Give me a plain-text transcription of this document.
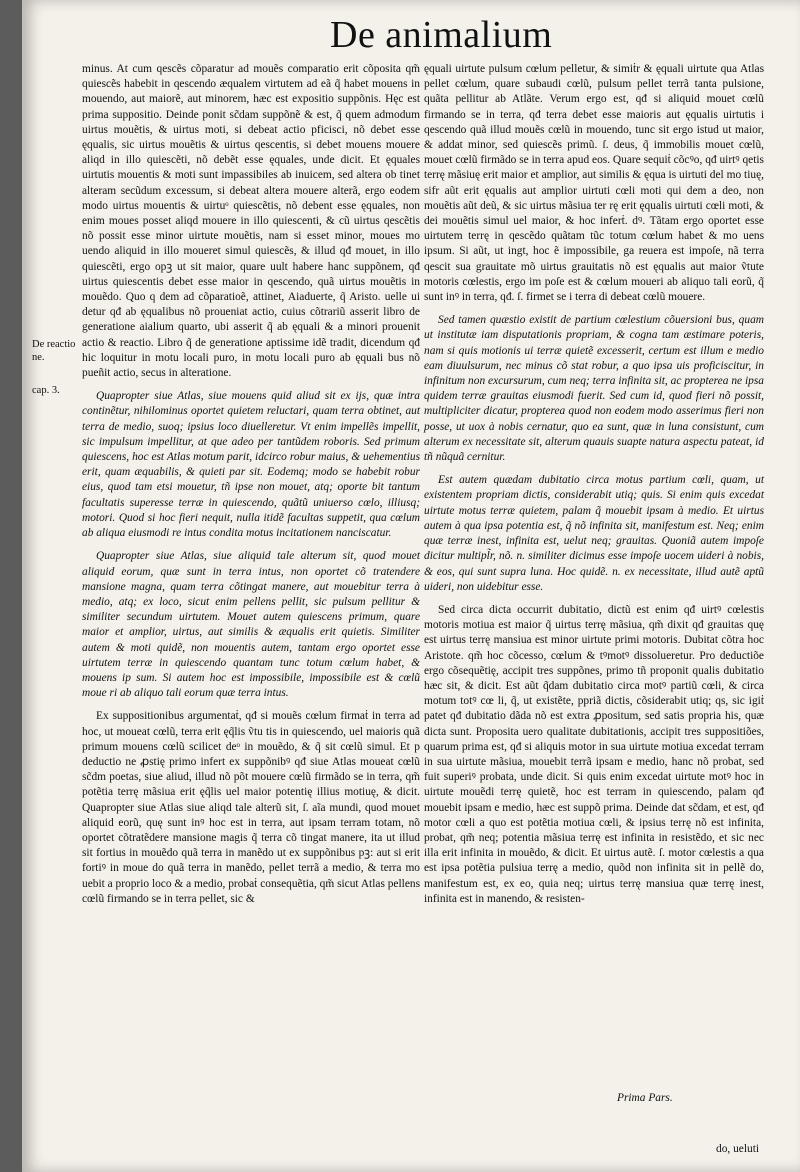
De animalium
De reactio ne.
cap. 3.

minus. At cum qescẽs cõparatur ad mouẽs comparatio erit cõposita qm̃ quiescẽs habebit in qescendo æqualem virtutem ad eã q̃ habet mouens in mouendo, aut maiorẽ, aut minorem, hæc est expositio suppõnis. Hęc est prima suppositio. Deinde ponit sc̃dam suppõnẽ & est, q̃ quem admodum uirtus mouẽtis, & uirtus moti, si debeat actio pficisci, nõ debet esse ęqualis, sic uirtus mouẽtis & uirtus qescentis, si debet mouens mouere aliqd in illo quiescẽti, nõ debẽt esse ęquales, unde dicit. Et ęquales uirtutis mouentis & moti sunt impassibiles ab inuicem, sed altera ob tinet alteram secũdum excessum, si debeat altera mouere alterã, ergo eodem modo uirtus mouentis & uirtuᵒ quiescẽtis, nõ debent esse ęquales, non enim moues posset aliqd mouere in illo quiescenti, & cũ uirtus qescẽtis nõ possit esse minor uirtute mouẽtis, nam si esset minor, moues mo uendo aliquid in illo moueret simul quiescẽs, & illud qđ mouet, in illo quiescẽti, ergo opꝫ ut sit maior, quare uult habere hanc suppõnem, qđ uirtus quiescentis debet esse maior in qescendo, quã uirtus mouẽtis in mouẽdo. Quo q dem ad cõparatioẽ, attinet, Aiaduerte, q̃ Aristo. uelle ui detur qđ ab ęqualibus nõ proueniat actio, cuius cõtrariũ asserit libro de generatione aialium quarto, ubi asserit q̃ ab ęquali & a minori prouenit actio & reactio. Libro q̃ de generatione aptissime idẽ tradit, dicendum qđ hic loquitur in motu locali puro, in motu locali puro ab ęquali bus nõ pueñit actio, secus in alteratione.

Quapropter siue Atlas, siue mouens quid aliud sit ex ijs, quæ intra continẽtur, nihilominus oportet quietem reluctari, quam terra obtinet, aut terra de medio, suoq; ipsius loco diuelleretur. Vt enim impellẽs impellit, sic impulsum impellitur, at que adeo per tantũdem roboris. Sed primum quiescens, hoc est Atlas motum parit, idcirco robur maius, & uehementius erit, quam æquabilis, & quieti par sit. Eodemq; modo se habebit robur eius, quod tam etsi mouetur, tñ ipse non mouet, atq; oporte bit tantum facultatis superesse terræ in quiescendo, quãtũ uniuerso cœlo, illiusq; motori. Quod si hoc fieri nequit, nulla itidẽ facultas suppetit, qua cœlum ab aliqua eiusmodi re intus condita motus incitationem nanciscatur.

Quapropter siue Atlas, siue aliquid tale alterum sit, quod mouet aliquid eorum, quæ sunt in terra intus, non oportet cõ tratendere mansione magna, quam terra cõtingat manere, aut mouebitur terra à medio, atq; ex loco, sicut enim pellens pellit, sic pulsum pellitur & similiter secundum uirtutem. Mouet autem quiescens primum, quare maior et amplior, uirtus, aut similis & æqualis erit quietis. Similiter autem & moti quidẽ, non mouentis autem, tantam ergo oportet esse uirtutem terræ in quiescendo quantam tunc totum cœlum habet, & mouens ip sum. Si autem hoc est impossibile, impossibile est & cœlũ moue ri ab aliquo tali eorum quæ terra intus.

Ex suppositionibus argumentaṫ, qđ si mouẽs cœlum firmaṫ in terra ad hoc, ut moueat cœlũ, terra erit ęq̃lis ṽtu tis in quiescendo, uel maioris quã primum mouens cœlũ scilicet deᵒ in mouẽdo, & q̃ sit cœlũ simul. Et p deductio ne ꝓstię primo infert ex suppõnibꝰ qđ siue Atlas moueat cœlũ sc̃dm poetas, siue aliud, illud nõ põt mouere cœlũ firmãdo se in terra, qm̃ potẽtia terrę mãsiua erit ęq̃lis uel maior potentię illius motiuę, & dicit. Quapropter siue Atlas siue aliqd tale alterũ sit, ſ. aĩa mundi, quod mouet aliquid eorũ, quę sunt inꝰ hoc est in terra, aut ipsam terram totam, nõ oportet cõtratẽdere mansione magis q̃ terra cõ tingat manere, ita ut illud sit fortius in mouẽdo quã terra in manẽdo ut ex suppõnibus pꝫ: aut si erit fortiꝰ in moue do quã terra in manẽdo, pellet terrã a medio, & terra mo uebit a proprio loco & a medio, probaṫ consequẽtia, qm̃ sicut Atlas pellens cœlũ firmando se in terra pellet, sic &

ęquali uirtute pulsum cœlum pelletur, & simiṫr & ęquali uirtute qua Atlas pellet cœlum, quare subaudi cœlũ, pulsum pellet terrã tanta pulsione, quãta pellitur ab Atlãte. Verum ergo est, qđ si aliquid mouet cœlũ firmando se in terra, qđ terra debet esse maioris aut ęqualis uirtutis i qescendo quã illud mouẽs cœlũ in mouendo, tunc sit ergo istud ut maior, & addat minor, sed quiescẽs primũ. ſ. deus, q̃ immobilis mouet cœlũ, mouet cœlũ firmãdo se in terra apud eos. Quare sequiṫ cõcꝰo, qđ uirtꝰ qetis terrę mãsiuę erit maior et amplior, aut similis & ęqua is uirtuti del mo tiuę, sifr aũt erit ęqualis aut amplior uirtuti cœli moti qui dem a deo, non mouẽtis aũt deũ, & sic uirtus mãsiua ter rę erit ęqualis uirtuti cœli moti, & dei mouẽtis simul uel maior, & hoc inferṫ. dꝰ. Tãtam ergo oportet esse uirtutem terrę in qescẽdo quãtam tũc totum cœlum habet & mo uens ipsum. Si aũt, ut ingt, hoc ẽ impossibile, ga reuera est impoſe, nã terra qescit sua grauitate mõ uirtus grauitatis nõ est ęqualis aut maior ṽtute motoris cœlestis, ergo im poſe est & cœlum moueri ab aliquo tali eorũ, q̃ sunt inꝰ in terra, qđ. ſ. firmet se i terra di debeat cœlũ mouere.

Sed tamen quæstio existit de partium cœlestium cõuersioni bus, quam ut institutæ iam disputationis propriam, & cogna tam æstimare poteris, nam si quis motionis ui terræ quietẽ excesserit, certum est illum e medio eam diuulsurum, nec minus cõ stat robur, a quo ipsa uis proficiscitur, in infinitum non excursurum, cum neq; terra infinita sit, ac propterea ne ipsa quidem terræ grauitas eiusmodi fuerit. Sed cum id, quod fieri nõ possit, multipliciter dicatur, propterea quod non eodem modo asserimus fieri non posse, ut uox à nobis cernatur, quo ea sunt, quæ in luna consistunt, cum alterum ex necessitate sit, alterum quauis suapte natura aspectu pateat, id tñ nũquã cernitur.

Est autem quædam dubitatio circa motus partium cœli, quam, ut existentem propriam dictis, considerabit utiq; quis. Si enim quis excedat uirtute motus terræ quietem, palam q̃ mouebit ipsam à medio. Et uirtus autem à qua ipsa potentia est, q̃ nõ infinita sit, manifestum est. Neq; enim quæ terræ inest, infinita est, uelut neq; grauitas. Quoniã autem impoſe dicitur multipl̃r, nõ. n. similiter dicimus esse impoſe uocem uideri à nobis, & eos, qui sunt supra luna. Hoc quidẽ. n. ex necessitate, illud autẽ aptũ uideri, non uidebitur esse.

Sed circa dicta occurrit dubitatio, dictũ est enim qđ uirtꝰ cœlestis motoris motiua est maior q̃ uirtus terrę mãsiua, qm̃ dixit qđ grauitas quę est uirtus terrę mansiua est minor uirtute primi motoris. Dubitat cõtra hoc Aristote. qm̃ hoc cõcesso, cœlum & tꝰmotꝰ dissolueretur. Pro deductiõe ergo cõsequẽtię, accipit tres suppõnes, primo tñ proponit qualis dubitatio hæc sit, & dicit. Est aũt q̃dam dubitatio circa motꝰ partiũ cœli, & circa motum totꝰ cœ li, q̃, ut existẽte, ppriã dictis, cõsiderabit utiq; qs, sic igiṫ patet qđ dubitatio dãda nõ est extra ꝓpositum, sed satis propria his, quæ dicta sunt. Proposita uero qualitate dubitationis, accipit tres suppositiões, quarum prima est, qđ si aliquis motor in sua uirtute motiua excedat terram in sua uirtute mãsiua, mouebit terrã ipsam e medio, hanc nõ probat, sed fuit superiꝰ probata, unde dicit. Si quis enim excedat uirtute motꝰ hoc in uirtute mouẽdi terrę quietẽ, hoc est terram in quiescendo, palam qđ mouebit ipsam e medio, hæc est suppõ prima. Deinde dat sc̃dam, et est, qđ motor cœli a quo est potẽtia motiua cœli, & ipsius terrę nõ est infinita, probat, qm̃ neq; potentia mãsiua terrę est infinita in resistẽdo, et sic nec illa erit infinita in mouẽdo, & dicit. Et uirtus autẽ. ſ. motor cœlestis a qua est ipsa potẽtia pulsiua terrę a medio, quõd non infinita sit in pellẽ do, manifestum est, ex eo, quia neq; uirtus terrę mansiua quæ terrę inest, infinita est in manendo, & resisten-

Prima Pars.
do, ueluti
